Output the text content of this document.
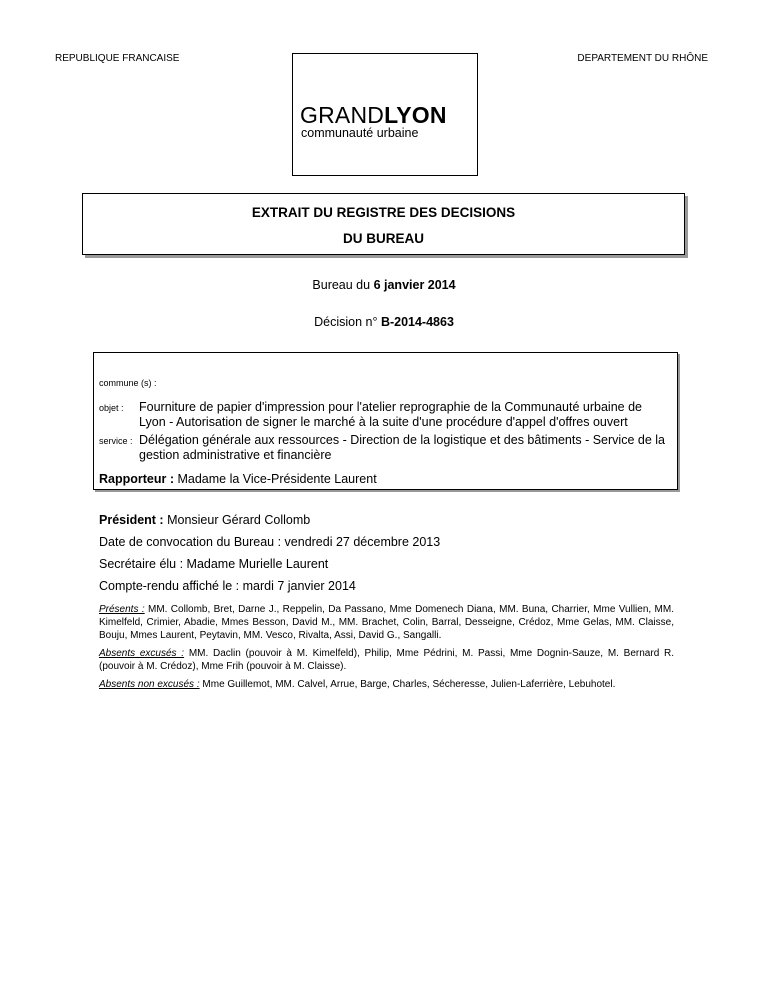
REPUBLIQUE FRANCAISE	DEPARTEMENT DU RHÔNE
GRANDLYON
communauté urbaine
EXTRAIT DU REGISTRE DES DECISIONS
DU BUREAU
Bureau du 6 janvier 2014
Décision n° B-2014-4863
commune (s) :
objet : Fourniture de papier d'impression pour l'atelier reprographie de la Communauté urbaine de Lyon - Autorisation de signer le marché à la suite d'une procédure d'appel d'offres ouvert
service : Délégation générale aux ressources - Direction de la logistique et des bâtiments - Service de la gestion administrative et financière
Rapporteur : Madame la Vice-Présidente Laurent
Président : Monsieur Gérard Collomb
Date de convocation du Bureau : vendredi 27 décembre 2013
Secrétaire élu : Madame Murielle Laurent
Compte-rendu affiché le : mardi 7 janvier 2014
Présents : MM. Collomb, Bret, Darne J., Reppelin, Da Passano, Mme Domenech Diana, MM. Buna, Charrier, Mme Vullien, MM. Kimelfeld, Crimier, Abadie, Mmes Besson, David M., MM. Brachet, Colin, Barral, Desseigne, Crédoz, Mme Gelas, MM. Claisse, Bouju, Mmes Laurent, Peytavin, MM. Vesco, Rivalta, Assi, David G., Sangalli.
Absents excusés : MM. Daclin (pouvoir à M. Kimelfeld), Philip, Mme Pédrini, M. Passi, Mme Dognin-Sauze, M. Bernard R. (pouvoir à M. Crédoz), Mme Frih (pouvoir à M. Claisse).
Absents non excusés : Mme Guillemot, MM. Calvel, Arrue, Barge, Charles, Sécheresse, Julien-Laferrière, Lebuhotel.
